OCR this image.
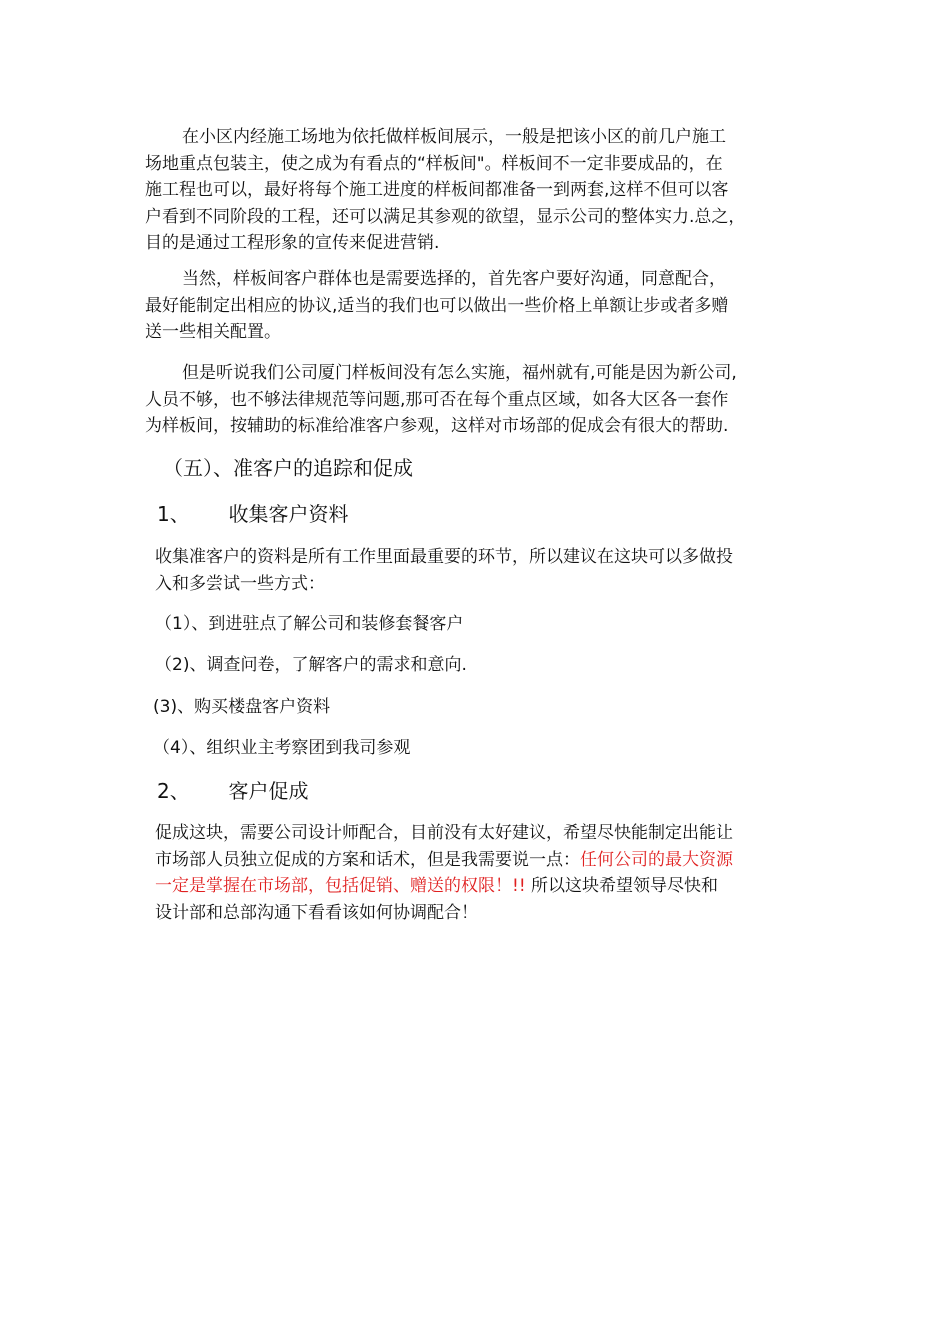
在小区内经施工场地为依托做样板间展示，一般是把该小区的前几户施工
场地重点包装主，使之成为有看点的“样板间"。样板间不一定非要成品的，在
施工程也可以，最好将每个施工进度的样板间都准备一到两套,这样不但可以客
户看到不同阶段的工程，还可以满足其参观的欲望，显示公司的整体实力.总之，
目的是通过工程形象的宣传来促进营销.

当然，样板间客户群体也是需要选择的，首先客户要好沟通，同意配合，
最好能制定出相应的协议,适当的我们也可以做出一些价格上单额让步或者多赠
送一些相关配置。

但是听说我们公司厦门样板间没有怎么实施，福州就有,可能是因为新公司,
人员不够，也不够法律规范等问题,那可否在每个重点区域，如各大区各一套作
为样板间，按辅助的标准给准客户参观，这样对市场部的促成会有很大的帮助.

（五）、准客户的追踪和促成
1、 收集客户资料

收集准客户的资料是所有工作里面最重要的环节，所以建议在这块可以多做投
入和多尝试一些方式：

（1）、到进驻点了解公司和装修套餐客户

（2)、调查问卷，了解客户的需求和意向.

(3)、购买楼盘客户资料

（4）、组织业主考察团到我司参观

2、 客户促成

促成这块，需要公司设计师配合，目前没有太好建议，希望尽快能制定出能让
市场部人员独立促成的方案和话术，但是我需要说一点：任何公司的最大资源
一定是掌握在市场部，包括促销、赠送的权限！!! 所以这块希望领导尽快和
设计部和总部沟通下看看该如何协调配合！
